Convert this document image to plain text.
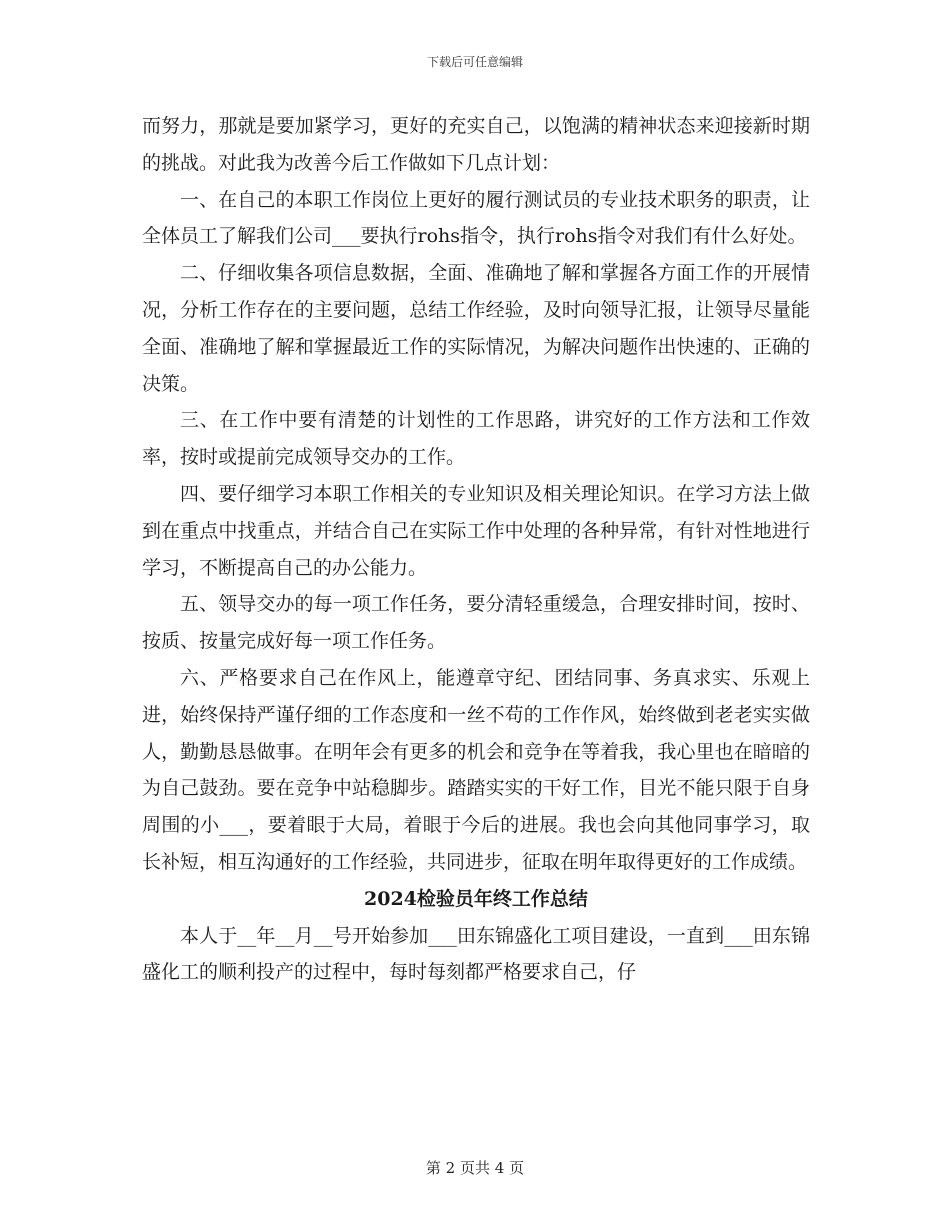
下载后可任意编辑

而努力，那就是要加紧学习，更好的充实自己，以饱满的精神状态来迎接新时期的挑战。对此我为改善今后工作做如下几点计划：

一、在自己的本职工作岗位上更好的履行测试员的专业技术职务的职责，让全体员工了解我们公司___要执行rohs指令，执行rohs指令对我们有什么好处。

二、仔细收集各项信息数据，全面、准确地了解和掌握各方面工作的开展情况，分析工作存在的主要问题，总结工作经验，及时向领导汇报，让领导尽量能全面、准确地了解和掌握最近工作的实际情况，为解决问题作出快速的、正确的决策。

三、在工作中要有清楚的计划性的工作思路，讲究好的工作方法和工作效率，按时或提前完成领导交办的工作。

四、要仔细学习本职工作相关的专业知识及相关理论知识。在学习方法上做到在重点中找重点，并结合自己在实际工作中处理的各种异常，有针对性地进行学习，不断提高自己的办公能力。

五、领导交办的每一项工作任务，要分清轻重缓急，合理安排时间，按时、按质、按量完成好每一项工作任务。

六、严格要求自己在作风上，能遵章守纪、团结同事、务真求实、乐观上进，始终保持严谨仔细的工作态度和一丝不苟的工作作风，始终做到老老实实做人，勤勤恳恳做事。在明年会有更多的机会和竞争在等着我，我心里也在暗暗的为自己鼓劲。要在竞争中站稳脚步。踏踏实实的干好工作，目光不能只限于自身周围的小___，要着眼于大局，着眼于今后的进展。我也会向其他同事学习，取长补短，相互沟通好的工作经验，共同进步，征取在明年取得更好的工作成绩。

2024检验员年终工作总结

本人于__年__月__号开始参加___田东锦盛化工项目建设，一直到___田东锦盛化工的顺利投产的过程中，每时每刻都严格要求自己，仔

第 2 页共 4 页
